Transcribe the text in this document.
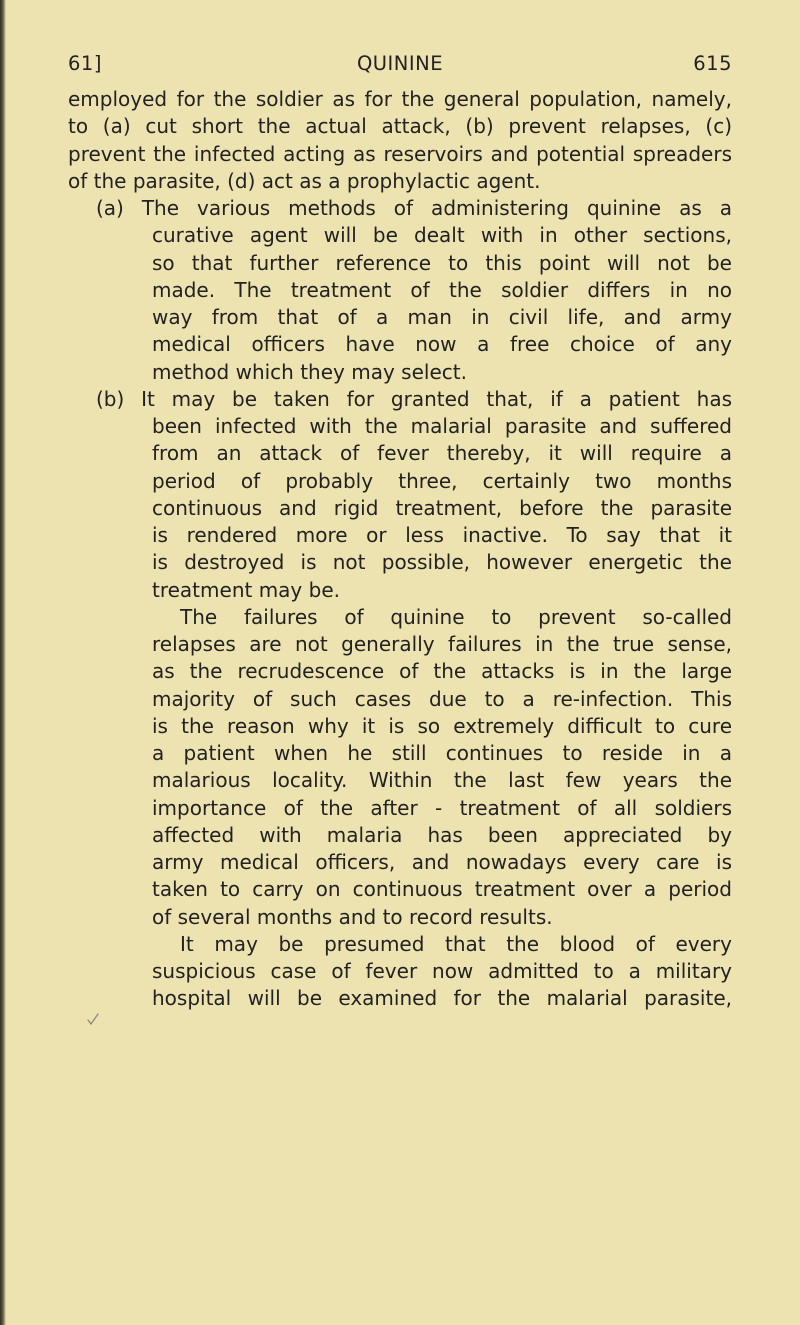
QUININE
61]	615
employed for the soldier as for the general population, namely,
to (a) cut short the actual attack, (b) prevent relapses, (c)
prevent the infected acting as reservoirs and potential spreaders
of the parasite, (d) act as a prophylactic agent.
(a) The various methods of administering quinine as a
curative agent will be dealt with in other sections,
so that further reference to this point will not be
made. The treatment of the soldier differs in no
way from that of a man in civil life, and army
medical officers have now a free choice of any
method which they may select.
(b) It may be taken for granted that, if a patient has
been infected with the malarial parasite and suffered
from an attack of fever thereby, it will require a
period of probably three, certainly two months
continuous and rigid treatment, before the parasite
is rendered more or less inactive. To say that it
is destroyed is not possible, however energetic the
treatment may be.
The failures of quinine to prevent so-called
relapses are not generally failures in the true sense,
as the recrudescence of the attacks is in the large
majority of such cases due to a re-infection. This
is the reason why it is so extremely difficult to cure
a patient when he still continues to reside in a
malarious locality. Within the last few years the
importance of the after - treatment of all soldiers
affected with malaria has been appreciated by
army medical officers, and nowadays every care is
taken to carry on continuous treatment over a period
of several months and to record results.
It may be presumed that the blood of every
suspicious case of fever now admitted to a military
hospital will be examined for the malarial parasite,
